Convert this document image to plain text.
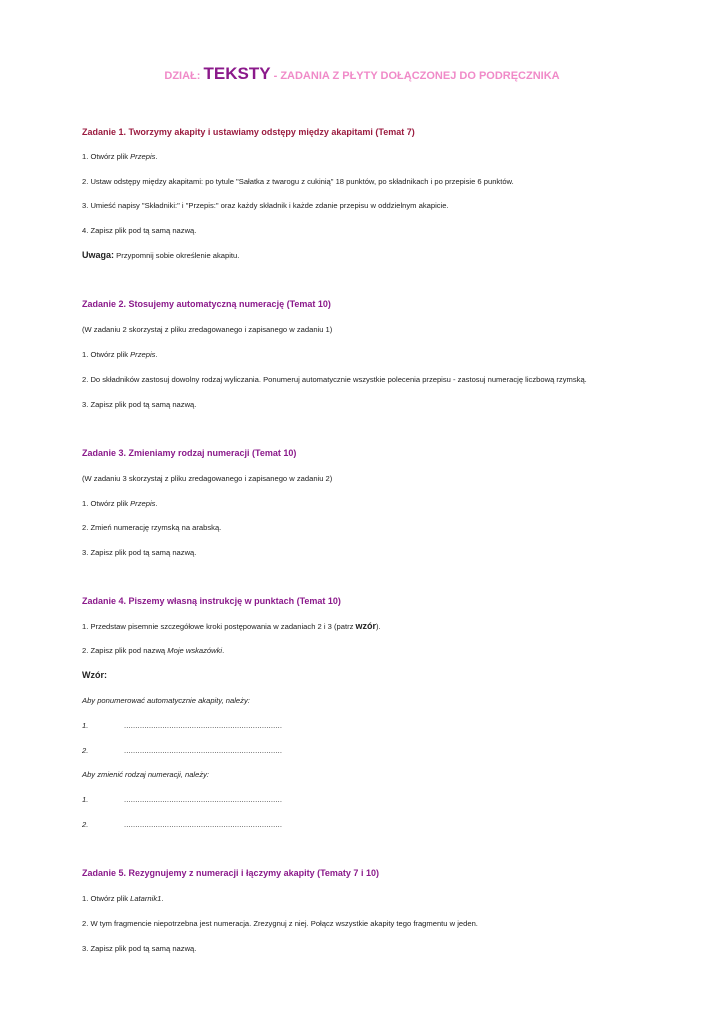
DZIAŁ: TEKSTY - ZADANIA Z PŁYTY DOŁĄCZONEJ DO PODRĘCZNIKA
Zadanie 1. Tworzymy akapity i ustawiamy odstępy między akapitami (Temat 7)
1. Otwórz plik Przepis.
2. Ustaw odstępy między akapitami: po tytule "Sałatka z twarogu z cukinią" 18 punktów, po składnikach i po przepisie 6 punktów.
3. Umieść napisy "Składniki:" i "Przepis:" oraz każdy składnik i każde zdanie przepisu w oddzielnym akapicie.
4. Zapisz plik pod tą samą nazwą.
Uwaga: Przypomnij sobie określenie akapitu.
Zadanie 2. Stosujemy automatyczną numerację (Temat 10)
(W zadaniu 2 skorzystaj z pliku zredagowanego i zapisanego w zadaniu 1)
1. Otwórz plik Przepis.
2. Do składników zastosuj dowolny rodzaj wyliczania. Ponumeruj automatycznie wszystkie polecenia przepisu - zastosuj numerację liczbową rzymską.
3. Zapisz plik pod tą samą nazwą.
Zadanie 3. Zmieniamy rodzaj numeracji (Temat 10)
(W zadaniu 3 skorzystaj z pliku zredagowanego i zapisanego w zadaniu 2)
1. Otwórz plik Przepis.
2. Zmień numerację rzymską na arabską.
3. Zapisz plik pod tą samą nazwą.
Zadanie 4. Piszemy własną instrukcję w punktach (Temat 10)
1. Przedstaw pisemnie szczegółowe kroki postępowania w zadaniach 2 i 3 (patrz wzór).
2. Zapisz plik pod nazwą Moje wskazówki.
Wzór:
Aby ponumerować automatycznie akapity, należy:
1.	......................................................................
2.	......................................................................
Aby zmienić rodzaj numeracji, należy:
1.	......................................................................
2.	......................................................................
Zadanie 5. Rezygnujemy z numeracji i łączymy akapity (Tematy 7 i 10)
1. Otwórz plik Latarnik1.
2. W tym fragmencie niepotrzebna jest numeracja. Zrezygnuj z niej. Połącz wszystkie akapity tego fragmentu w jeden.
3. Zapisz plik pod tą samą nazwą.
